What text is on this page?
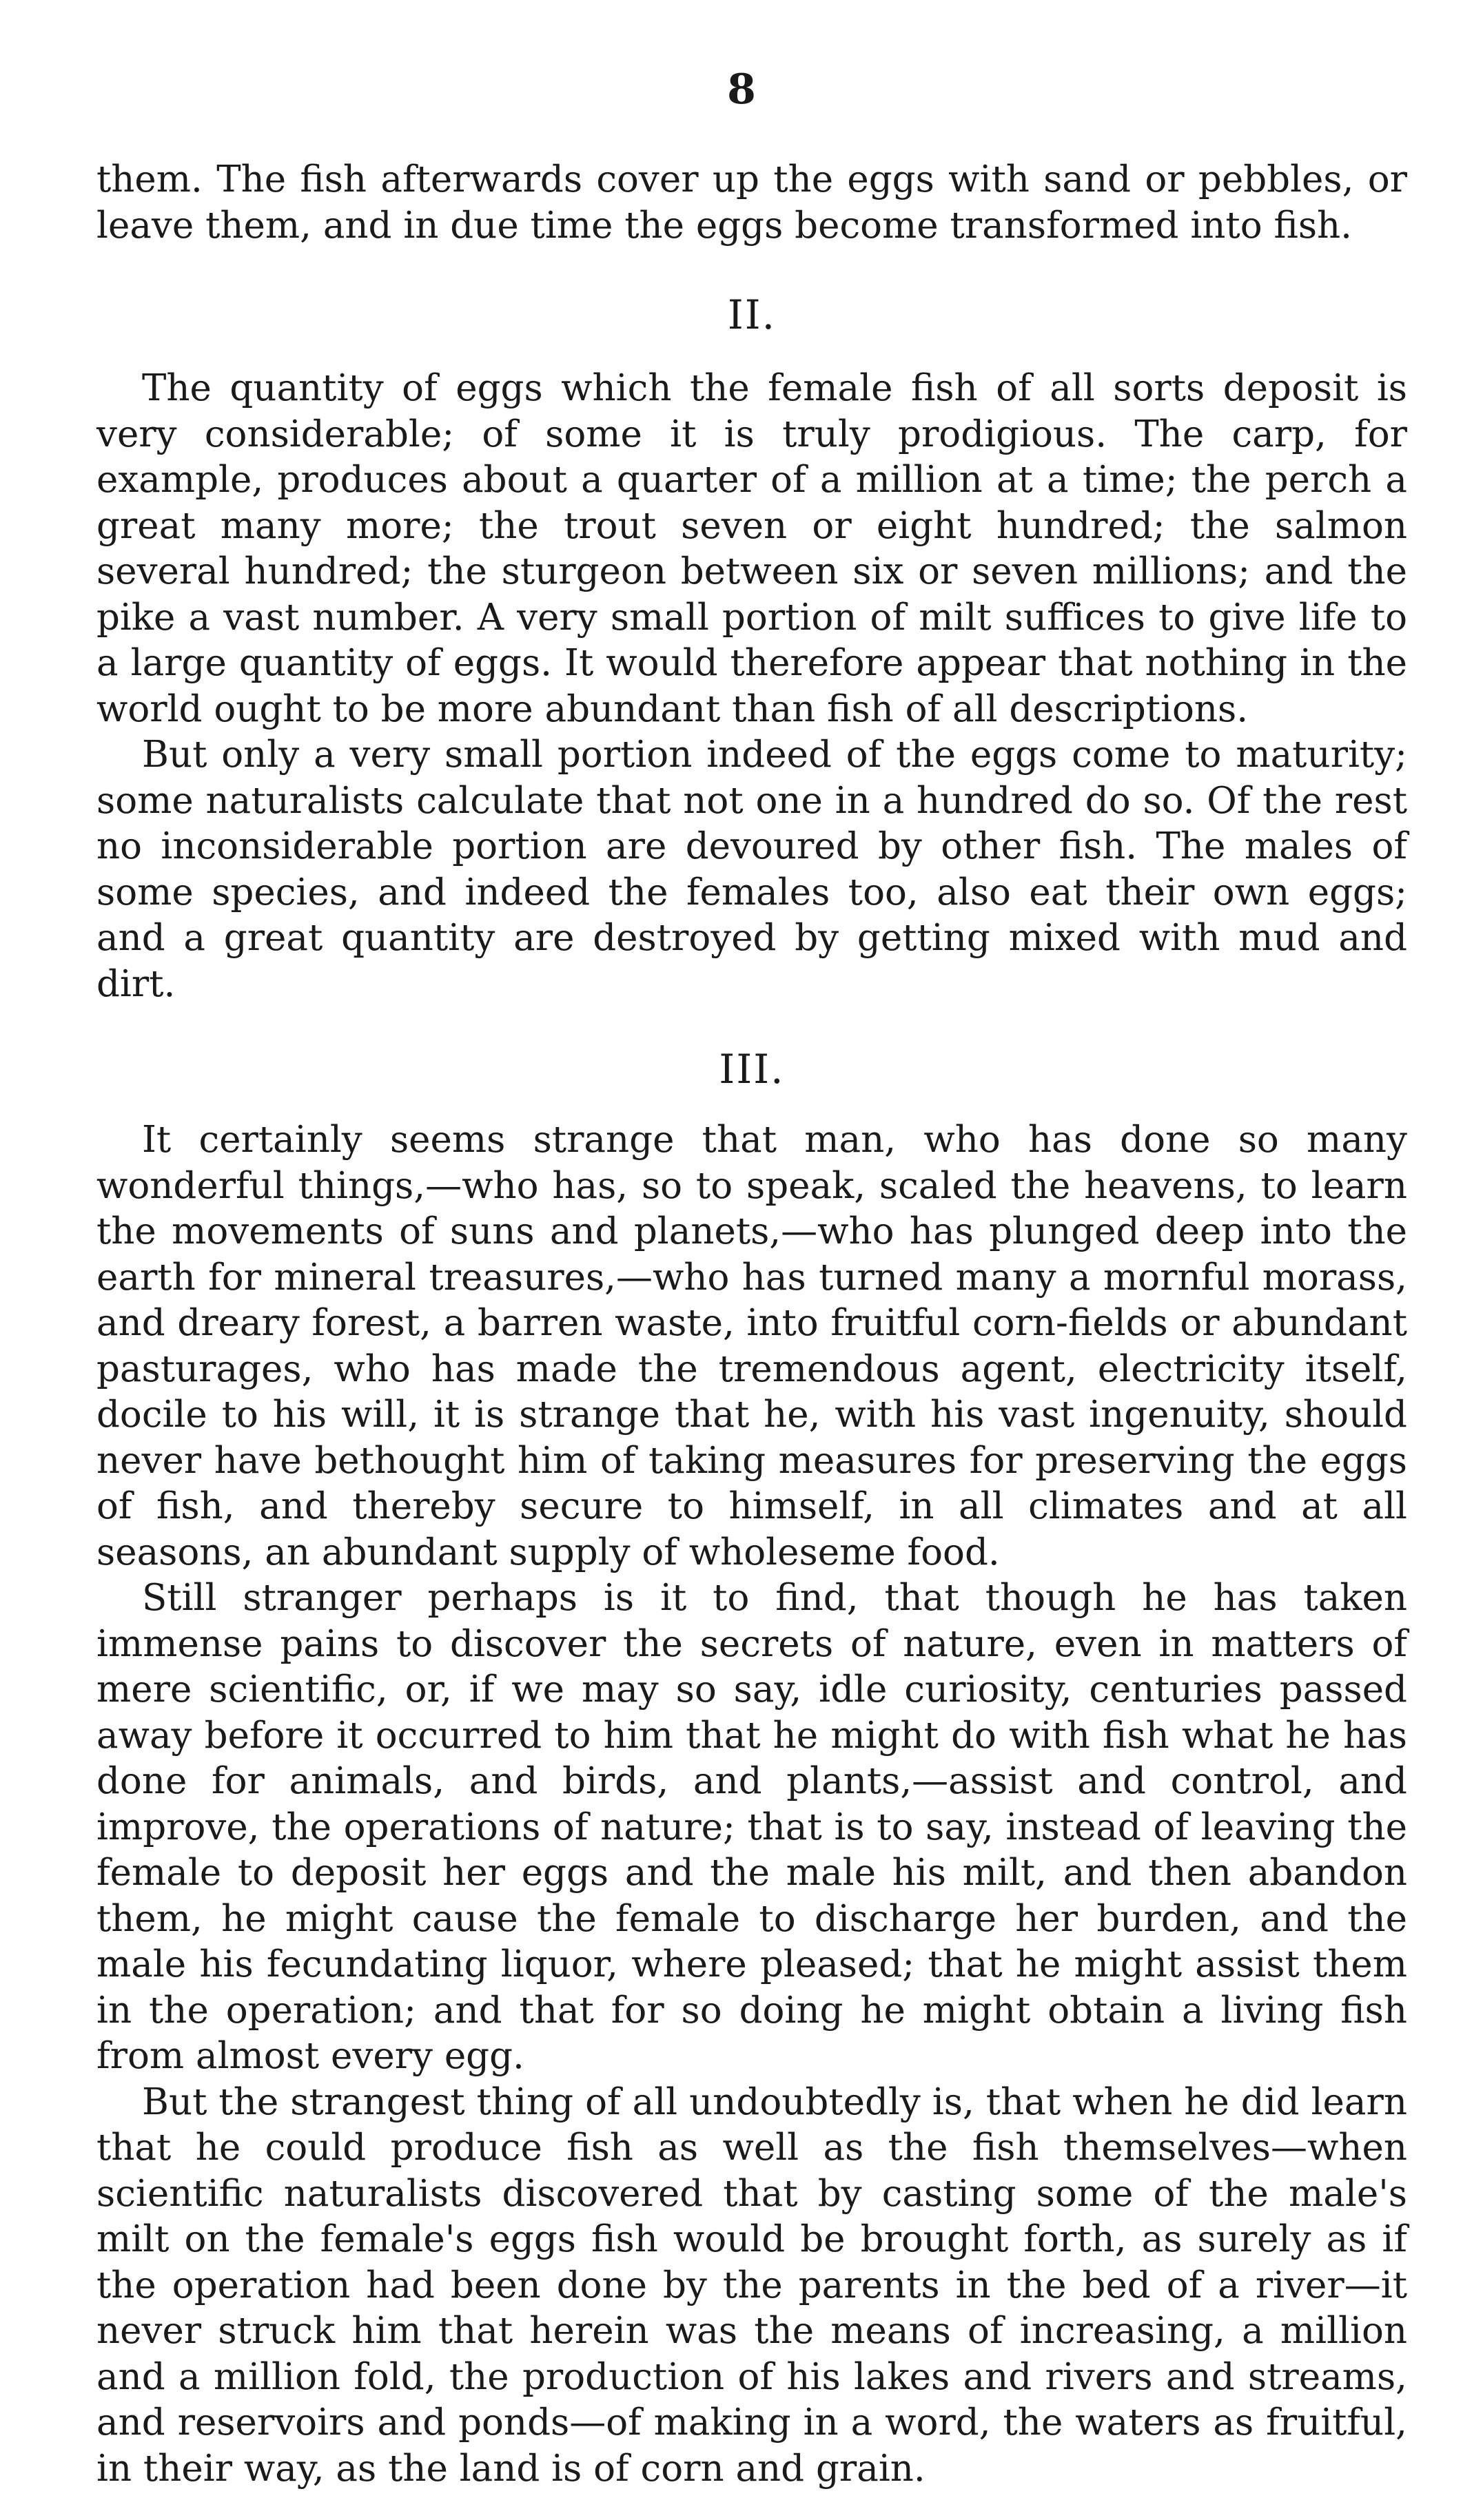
8

them. The fish afterwards cover up the eggs with sand or pebbles, or leave them, and in due time the eggs become transformed into fish.

II.

The quantity of eggs which the female fish of all sorts deposit is very considerable; of some it is truly prodigious. The carp, for example, produces about a quarter of a million at a time; the perch a great many more; the trout seven or eight hundred; the salmon several hundred; the sturgeon between six or seven millions; and the pike a vast number. A very small portion of milt suffices to give life to a large quantity of eggs. It would therefore appear that nothing in the world ought to be more abundant than fish of all descriptions.

But only a very small portion indeed of the eggs come to maturity; some naturalists calculate that not one in a hundred do so. Of the rest no inconsiderable portion are devoured by other fish. The males of some species, and indeed the females too, also eat their own eggs; and a great quantity are destroyed by getting mixed with mud and dirt.

III.

It certainly seems strange that man, who has done so many wonderful things,—who has, so to speak, scaled the heavens, to learn the movements of suns and planets,—who has plunged deep into the earth for mineral treasures,—who has turned many a mornful morass, and dreary forest, a barren waste, into fruitful corn-fields or abundant pasturages, who has made the tremendous agent, electricity itself, docile to his will, it is strange that he, with his vast ingenuity, should never have bethought him of taking measures for preserving the eggs of fish, and thereby secure to himself, in all climates and at all seasons, an abundant supply of wholeseme food.

Still stranger perhaps is it to find, that though he has taken immense pains to discover the secrets of nature, even in matters of mere scientific, or, if we may so say, idle curiosity, centuries passed away before it occurred to him that he might do with fish what he has done for animals, and birds, and plants,—assist and control, and improve, the operations of nature; that is to say, instead of leaving the female to deposit her eggs and the male his milt, and then abandon them, he might cause the female to discharge her burden, and the male his fecundating liquor, where pleased; that he might assist them in the operation; and that for so doing he might obtain a living fish from almost every egg.

But the strangest thing of all undoubtedly is, that when he did learn that he could produce fish as well as the fish themselves—when scientific naturalists discovered that by casting some of the male's milt on the female's eggs fish would be brought forth, as surely as if the operation had been done by the parents in the bed of a river—it never struck him that herein was the means of increasing, a million and a million fold, the production of his lakes and rivers and streams, and reservoirs and ponds—of making in a word, the waters as fruitful, in their way, as the land is of corn and grain.
